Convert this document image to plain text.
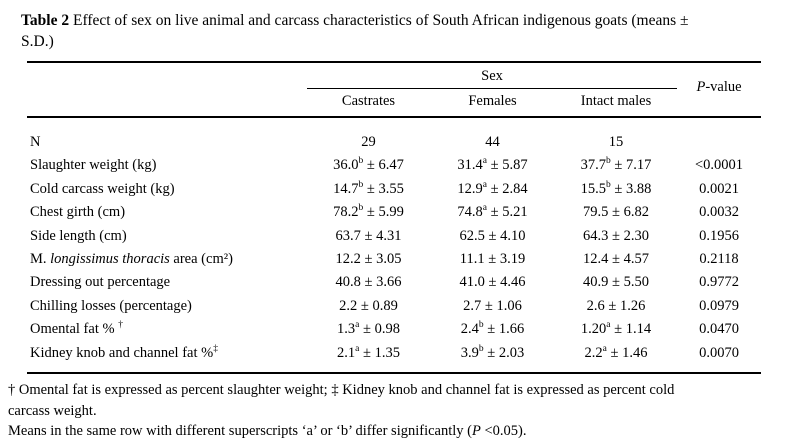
Table 2 Effect of sex on live animal and carcass characteristics of South African indigenous goats (means ±
S.D.)
	Sex			P-value
	Castrates	Females	Intact males	
N	29	44	15	
Slaughter weight (kg)	36.0$^b$ ± 6.47	31.4$^a$ ± 5.87	37.7$^b$ ± 7.17	<0.0001
Cold carcass weight (kg)	14.7$^b$ ± 3.55	12.9$^a$ ± 2.84	15.5$^b$ ± 3.88	0.0021
Chest girth (cm)	78.2$^b$ ± 5.99	74.8$^a$ ± 5.21	79.5 ± 6.82	0.0032
Side length (cm)	63.7 ± 4.31	62.5 ± 4.10	64.3 ± 2.30	0.1956
M. longissimus thoracis area (cm²)	12.2 ± 3.05	11.1 ± 3.19	12.4 ± 4.57	0.2118
Dressing out percentage	40.8 ± 3.66	41.0 ± 4.46	40.9 ± 5.50	0.9772
Chilling losses (percentage)	2.2 ± 0.89	2.7 ± 1.06	2.6 ± 1.26	0.0979
Omental fat % †	1.3$^a$ ± 0.98	2.4$^b$ ± 1.66	1.20$^a$ ± 1.14	0.0470
Kidney knob and channel fat %‡	2.1$^a$ ± 1.35	3.9$^b$ ± 2.03	2.2$^a$ ± 1.46	0.0070
† Omental fat is expressed as percent slaughter weight; ‡ Kidney knob and channel fat is expressed as percent cold
carcass weight.
Means in the same row with different superscripts ‘a’ or ‘b’ differ significantly (P <0.05).
